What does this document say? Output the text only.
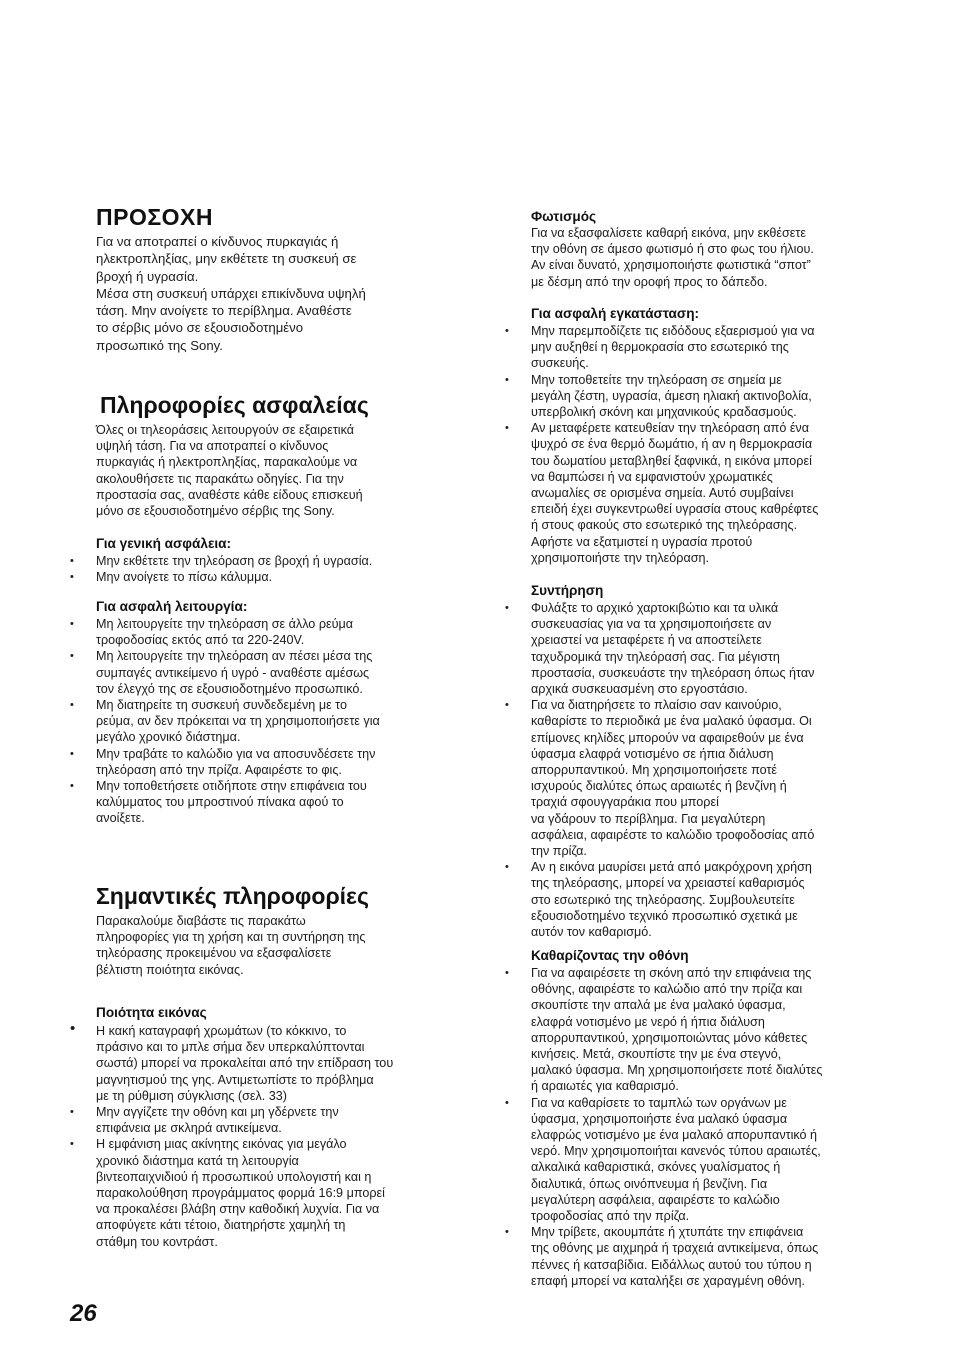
ΠΡΟΣΟΧΗ

Για να αποτραπεί ο κίνδυνος πυρκαγιάς ή
ηλεκτροπληξίας, μην εκθέτετε τη συσκευή σε
βροχή ή υγρασία.
Μέσα στη συσκευή υπάρχει επικίνδυνα υψηλή
τάση. Μην ανοίγετε το περίβλημα. Αναθέστε
το σέρβις μόνο σε εξουσιοδοτημένο
προσωπικό της Sony.

Πληροφορίες ασφαλείας

Όλες οι τηλεοράσεις λειτουργούν σε εξαιρετικά
υψηλή τάση. Για να αποτραπεί ο κίνδυνος
πυρκαγιάς ή ηλεκτροπληξίας, παρακαλούμε να
ακολουθήσετε τις παρακάτω οδηγίες. Για την
προστασία σας, αναθέστε κάθε είδους επισκευή
μόνο σε εξουσιοδοτημένο σέρβις της Sony.

Για γενική ασφάλεια:
• Μην εκθέτετε την τηλεόραση σε βροχή ή υγρασία.
• Μην ανοίγετε το πίσω κάλυμμα.
Για ασφαλή λειτουργία:
• Μη λειτουργείτε την τηλεόραση σε άλλο ρεύμα
τροφοδοσίας εκτός από τα 220-240V.
• Μη λειτουργείτε την τηλεόραση αν πέσει μέσα της
συμπαγές αντικείμενο ή υγρό - αναθέστε αμέσως
τον έλεγχό της σε εξουσιοδοτημένο προσωπικό.
• Μη διατηρείτε τη συσκευή συνδεδεμένη με το
ρεύμα, αν δεν πρόκειται να τη χρησιμοποιήσετε για
μεγάλο χρονικό διάστημα.
• Μην τραβάτε το καλώδιο για να αποσυνδέσετε την
τηλεόραση από την πρίζα. Αφαιρέστε το φις.
• Μην τοποθετήσετε οτιδήποτε στην επιφάνεια του
καλύμματος του μπροστινού πίνακα αφού το
ανοίξετε.
Σημαντικές πληροφορίες

Παρακαλούμε διαβάστε τις παρακάτω
πληροφορίες για τη χρήση και τη συντήρηση της
τηλεόρασης προκειμένου να εξασφαλίσετε
βέλτιστη ποιότητα εικόνας.

Ποιότητα εικόνας
• Η κακή καταγραφή χρωμάτων (το κόκκινο, το
πράσινο και το μπλε σήμα δεν υπερκαλύπτονται
σωστά) μπορεί να προκαλείται από την επίδραση του
μαγνητισμού της γης. Αντιμετωπίστε το πρόβλημα
με τη ρύθμιση σύγκλισης (σελ. 33)
• Μην αγγίζετε την οθόνη και μη γδέρνετε την
επιφάνεια με σκληρά αντικείμενα.
• Η εμφάνιση μιας ακίνητης εικόνας για μεγάλο
χρονικό διάστημα κατά τη λειτουργία
βιντεοπαιχνιδιού ή προσωπικού υπολογιστή και η
παρακολούθηση προγράμματος φορμά 16:9 μπορεί
να προκαλέσει βλάβη στην καθοδική λυχνία. Για να
αποφύγετε κάτι τέτοιο, διατηρήστε χαμηλή τη
στάθμη του κοντράστ.
Φωτισμός

Για να εξασφαλίσετε καθαρή εικόνα, μην εκθέσετε
την οθόνη σε άμεσο φωτισμό ή στο φως του ήλιου.
Αν είναι δυνατό, χρησιμοποιήστε φωτιστικά “σποτ”
με δέσμη από την οροφή προς το δάπεδο.

Για ασφαλή εγκατάσταση:
• Μην παρεμποδίζετε τις ειδόδους εξαερισμού για να
μην αυξηθεί η θερμοκρασία στο εσωτερικό της
συσκευής.
• Μην τοποθετείτε την τηλεόραση σε σημεία με
μεγάλη ζέστη, υγρασία, άμεση ηλιακή ακτινοβολία,
υπερβολική σκόνη και μηχανικούς κραδασμούς.
• Αν μεταφέρετε κατευθείαν την τηλεόραση από ένα
ψυχρό σε ένα θερμό δωμάτιο, ή αν η θερμοκρασία
του δωματίου μεταβληθεί ξαφνικά, η εικόνα μπορεί
να θαμπώσει ή να εμφανιστούν χρωματικές
ανωμαλίες σε ορισμένα σημεία. Αυτό συμβαίνει
επειδή έχει συγκεντρωθεί υγρασία στους καθρέφτες
ή στους φακούς στο εσωτερικό της τηλεόρασης.
Αφήστε να εξατμιστεί η υγρασία προτού
χρησιμοποιήστε την τηλεόραση.
Συντήρηση
• Φυλάξτε το αρχικό χαρτοκιβώτιο και τα υλικά
συσκευασίας για να τα χρησιμοποιήσετε αν
χρειαστεί να μεταφέρετε ή να αποστείλετε
ταχυδρομικά την τηλεόρασή σας. Για μέγιστη
προστασία, συσκευάστε την τηλεόραση όπως ήταν
αρχικά συσκευασμένη στο εργοστάσιο.
• Για να διατηρήσετε το πλαίσιο σαν καινούριο,
καθαρίστε το περιοδικά με ένα μαλακό ύφασμα. Οι
επίμονες κηλίδες μπορούν να αφαιρεθούν με ένα
ύφασμα ελαφρά νοτισμένο σε ήπια διάλυση
απορρυπαντικού. Μη χρησιμοποιήσετε ποτέ
ισχυρούς διαλύτες όπως αραιωτές ή βενζίνη ή
τραχιά σφουγγαράκια που μπορεί
να γδάρουν το περίβλημα. Για μεγαλύτερη
ασφάλεια, αφαιρέστε το καλώδιο τροφοδοσίας από
την πρίζα.
• Αν η εικόνα μαυρίσει μετά από μακρόχρονη χρήση
της τηλεόρασης, μπορεί να χρειαστεί καθαρισμός
στο εσωτερικό της τηλεόρασης. Συμβουλευτείτε
εξουσιοδοτημένο τεχνικό προσωπικό σχετικά με
αυτόν τον καθαρισμό.
Καθαρίζοντας την οθόνη
• Για να αφαιρέσετε τη σκόνη από την επιφάνεια της
οθόνης, αφαιρέστε το καλώδιο από την πρίζα και
σκουπίστε την απαλά με ένα μαλακό ύφασμα,
ελαφρά νοτισμένο με νερό ή ήπια διάλυση
απορρυπαντικού, χρησιμοποιώντας μόνο κάθετες
κινήσεις. Μετά, σκουπίστε την με ένα στεγνό,
μαλακό ύφασμα. Μη χρησιμοποιήσετε ποτέ διαλύτες
ή αραιωτές για καθαρισμό.
• Για να καθαρίσετε το ταμπλώ των οργάνων με
ύφασμα, χρησιμοποιήστε ένα μαλακό ύφασμα
ελαφρώς νοτισμένο με ένα μαλακό απορυπαντικό ή
νερό. Μην χρησιμοποιήται κανενός τύπου αραιωτές,
αλκαλικά καθαριστικά, σκόνες γυαλίσματος ή
διαλυτικά, όπως οινόπνευμα ή βενζίνη. Για
μεγαλύτερη ασφάλεια, αφαιρέστε το καλώδιο
τροφοδοσίας από την πρίζα.
• Μην τρίβετε, ακουμπάτε ή χτυπάτε την επιφάνεια
της οθόνης με αιχμηρά ή τραχειά αντικείμενα, όπως
πέννες ή κατσαβίδια. Ειδάλλως αυτού του τύπου η
επαφή μπορεί να καταλήξει σε χαραγμένη οθόνη.
26
